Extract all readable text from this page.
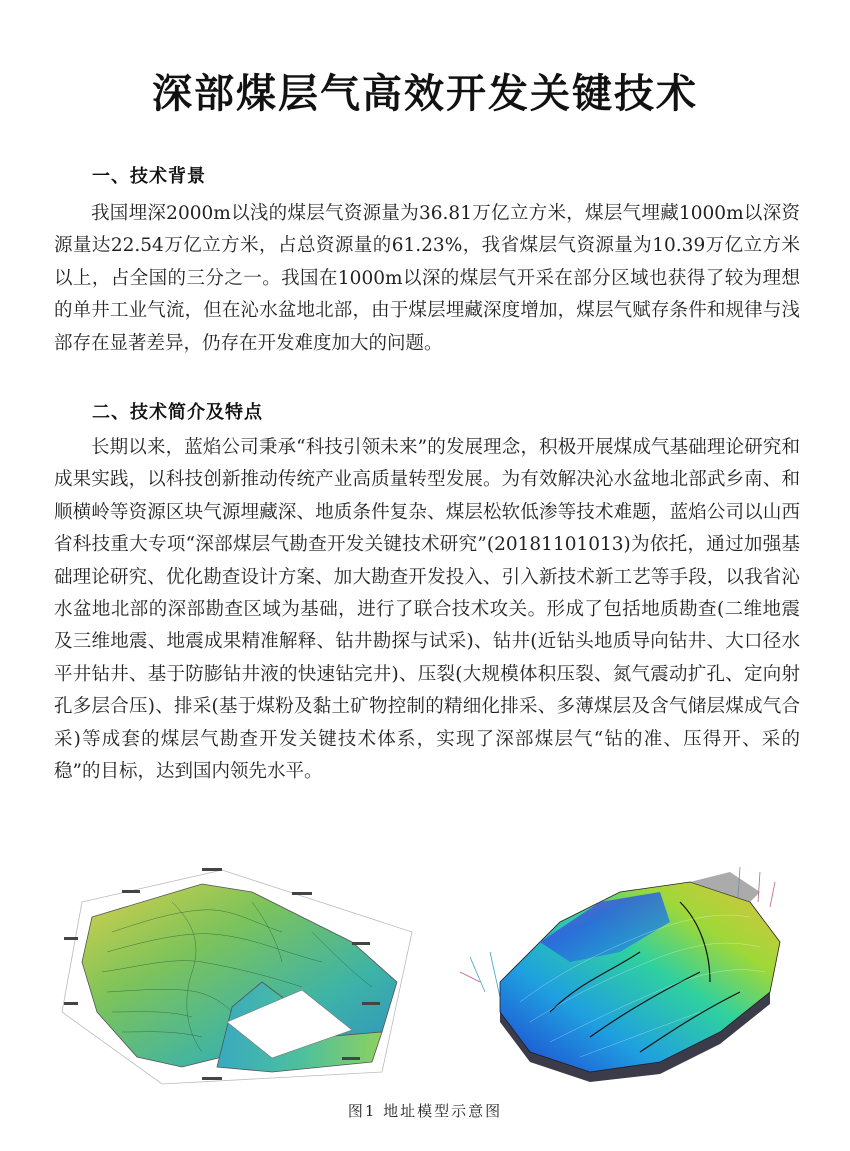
深部煤层气高效开发关键技术
一、技术背景

我国埋深2000m以浅的煤层气资源量为36.81万亿立方米，煤层气埋藏1000m以深资源量达22.54万亿立方米，占总资源量的61.23%，我省煤层气资源量为10.39万亿立方米以上，占全国的三分之一。我国在1000m以深的煤层气开采在部分区域也获得了较为理想的单井工业气流，但在沁水盆地北部，由于煤层埋藏深度增加，煤层气赋存条件和规律与浅部存在显著差异，仍存在开发难度加大的问题。

二、技术简介及特点

长期以来，蓝焰公司秉承“科技引领未来”的发展理念，积极开展煤成气基础理论研究和成果实践，以科技创新推动传统产业高质量转型发展。为有效解决沁水盆地北部武乡南、和顺横岭等资源区块气源埋藏深、地质条件复杂、煤层松软低渗等技术难题，蓝焰公司以山西省科技重大专项“深部煤层气勘查开发关键技术研究”(20181101013)为依托，通过加强基础理论研究、优化勘查设计方案、加大勘查开发投入、引入新技术新工艺等手段，以我省沁水盆地北部的深部勘查区域为基础，进行了联合技术攻关。形成了包括地质勘查(二维地震及三维地震、地震成果精准解释、钻井勘探与试采)、钻井(近钻头地质导向钻井、大口径水平井钻井、基于防膨钻井液的快速钻完井)、压裂(大规模体积压裂、氮气震动扩孔、定向射孔多层合压)、排采(基于煤粉及黏土矿物控制的精细化排采、多薄煤层及含气储层煤成气合采)等成套的煤层气勘查开发关键技术体系，实现了深部煤层气“钻的准、压得开、采的稳”的目标，达到国内领先水平。

图1 地址模型示意图
